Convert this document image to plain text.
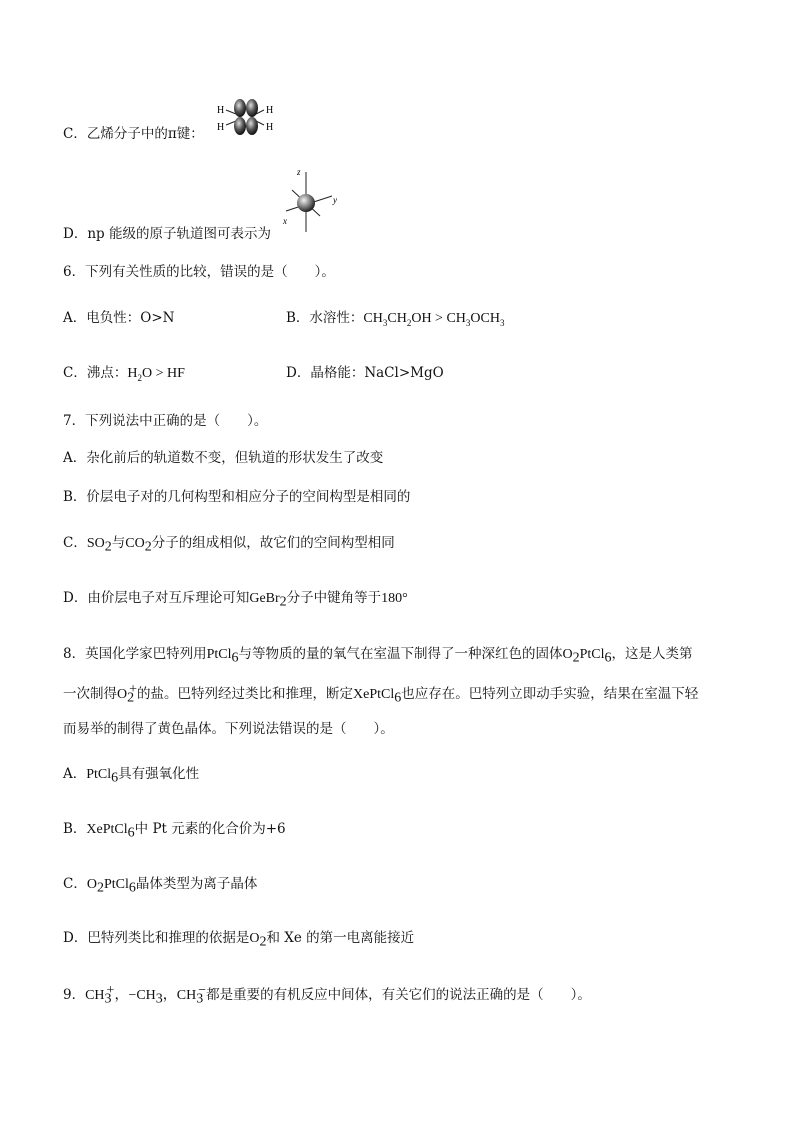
C．乙烯分子中的π键：
H
H
H
H
D．np 能级的原子轨道图可表示为
z
y
x
6．下列有关性质的比较，错误的是（　　）。
A．电负性：O>N	B．水溶性：$CH_3CH_2OH > CH_3OCH_3$
C．沸点：$H_2O$ > HF	D．晶格能：NaCl>MgO
7．下列说法中正确的是（　　）。
A．杂化前后的轨道数不变，但轨道的形状发生了改变
B．价层电子对的几何构型和相应分子的空间构型是相同的
C．$SO_2$与$CO_2$分子的组成相似，故它们的空间构型相同
D．由价层电子对互斥理论可知GeBr$_2$分子中键角等于180°
8．英国化学家巴特列用PtCl$_6$与等物质的量的氧气在室温下制得了一种深红色的固体$O_2PtCl_6$，这是人类第
一次制得$O_2^+$的盐。巴特列经过类比和推理，断定XePtCl$_6$也应存在。巴特列立即动手实验，结果在室温下轻
而易举的制得了黄色晶体。下列说法错误的是（　　）。
A．PtCl$_6$具有强氧化性
B．XePtCl$_6$中 Pt 元素的化合价为+6
C．$O_2PtCl_6$晶体类型为离子晶体
D．巴特列类比和推理的依据是$O_2$和 Xe 的第一电离能接近
9．$CH_3^+$，$-CH_3$，$CH_3^-$都是重要的有机反应中间体，有关它们的说法正确的是（　　）。
